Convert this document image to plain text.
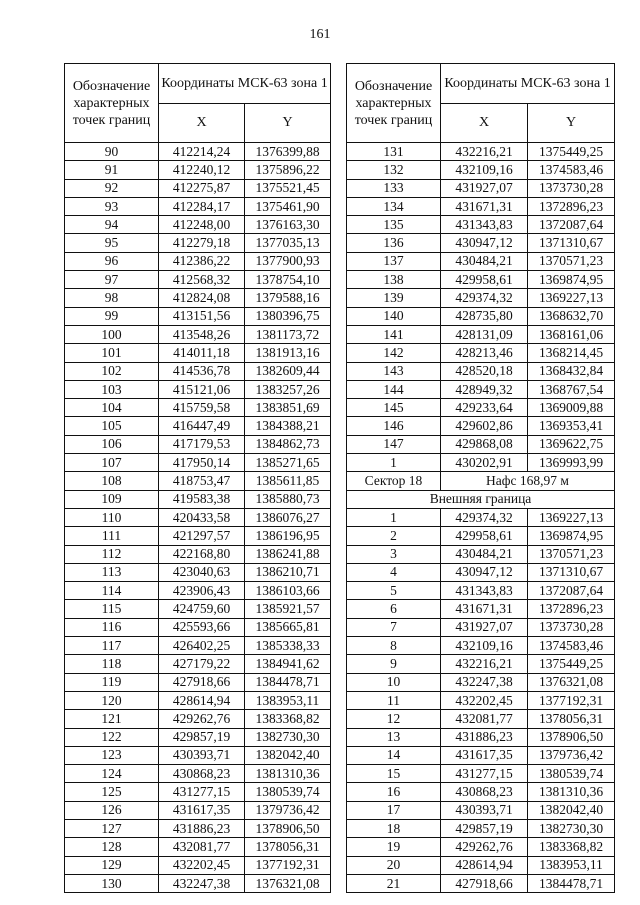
161
Обозначение характерных точек границ	Координаты МСК-63 зона 1	
	X	Y
90	412214,24	1376399,88
91	412240,12	1375896,22
92	412275,87	1375521,45
93	412284,17	1375461,90
94	412248,00	1376163,30
95	412279,18	1377035,13
96	412386,22	1377900,93
97	412568,32	1378754,10
98	412824,08	1379588,16
99	413151,56	1380396,75
100	413548,26	1381173,72
101	414011,18	1381913,16
102	414536,78	1382609,44
103	415121,06	1383257,26
104	415759,58	1383851,69
105	416447,49	1384388,21
106	417179,53	1384862,73
107	417950,14	1385271,65
108	418753,47	1385611,85
109	419583,38	1385880,73
110	420433,58	1386076,27
111	421297,57	1386196,95
112	422168,80	1386241,88
113	423040,63	1386210,71
114	423906,43	1386103,66
115	424759,60	1385921,57
116	425593,66	1385665,81
117	426402,25	1385338,33
118	427179,22	1384941,62
119	427918,66	1384478,71
120	428614,94	1383953,11
121	429262,76	1383368,82
122	429857,19	1382730,30
123	430393,71	1382042,40
124	430868,23	1381310,36
125	431277,15	1380539,74
126	431617,35	1379736,42
127	431886,23	1378906,50
128	432081,77	1378056,31
129	432202,45	1377192,31
130	432247,38	1376321,08
Обозначение характерных точек границ	Координаты МСК-63 зона 1	
	X	Y
131	432216,21	1375449,25
132	432109,16	1374583,46
133	431927,07	1373730,28
134	431671,31	1372896,23
135	431343,83	1372087,64
136	430947,12	1371310,67
137	430484,21	1370571,23
138	429958,61	1369874,95
139	429374,32	1369227,13
140	428735,80	1368632,70
141	428131,09	1368161,06
142	428213,46	1368214,45
143	428520,18	1368432,84
144	428949,32	1368767,54
145	429233,64	1369009,88
146	429602,86	1369353,41
147	429868,08	1369622,75
1	430202,91	1369993,99
Сектор 18	Нафс 168,97 м	
Внешняя граница		
1	429374,32	1369227,13
2	429958,61	1369874,95
3	430484,21	1370571,23
4	430947,12	1371310,67
5	431343,83	1372087,64
6	431671,31	1372896,23
7	431927,07	1373730,28
8	432109,16	1374583,46
9	432216,21	1375449,25
10	432247,38	1376321,08
11	432202,45	1377192,31
12	432081,77	1378056,31
13	431886,23	1378906,50
14	431617,35	1379736,42
15	431277,15	1380539,74
16	430868,23	1381310,36
17	430393,71	1382042,40
18	429857,19	1382730,30
19	429262,76	1383368,82
20	428614,94	1383953,11
21	427918,66	1384478,71
